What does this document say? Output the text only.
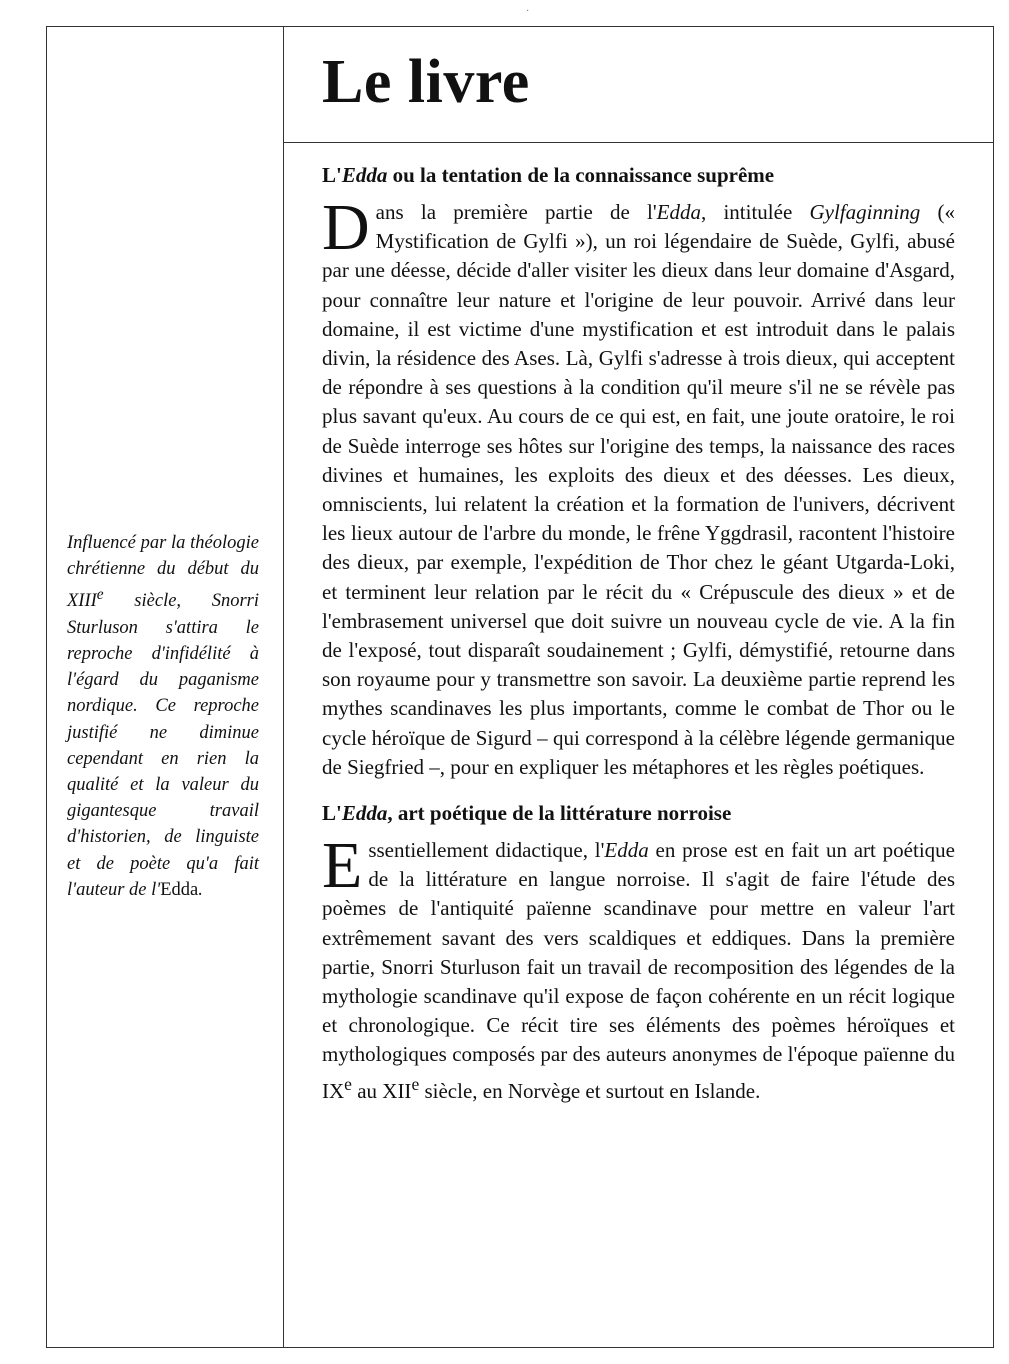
·
Le livre

Influencé par la théologie chrétienne du début du XIIIe siècle, Snorri Sturluson s'attira le reproche d'infidélité à l'égard du paganisme nordique. Ce reproche justifié ne diminue cependant en rien la qualité et la valeur du gigantesque travail d'historien, de linguiste et de poète qu'a fait l'auteur de l'Edda.

L'Edda ou la tentation de la connaissance suprême

Dans la première partie de l'Edda, intitulée Gylfaginning (« Mystification de Gylfi »), un roi légendaire de Suède, Gylfi, abusé par une déesse, décide d'aller visiter les dieux dans leur domaine d'Asgard, pour connaître leur nature et l'origine de leur pouvoir. Arrivé dans leur domaine, il est victime d'une mystification et est introduit dans le palais divin, la résidence des Ases. Là, Gylfi s'adresse à trois dieux, qui acceptent de répondre à ses questions à la condition qu'il meure s'il ne se révèle pas plus savant qu'eux. Au cours de ce qui est, en fait, une joute oratoire, le roi de Suède interroge ses hôtes sur l'origine des temps, la naissance des races divines et humaines, les exploits des dieux et des déesses. Les dieux, omniscients, lui relatent la création et la formation de l'univers, décrivent les lieux autour de l'arbre du monde, le frêne Yggdrasil, racontent l'histoire des dieux, par exemple, l'expédition de Thor chez le géant Utgarda-Loki, et terminent leur relation par le récit du « Crépuscule des dieux » et de l'embrasement universel que doit suivre un nouveau cycle de vie. A la fin de l'exposé, tout disparaît soudainement ; Gylfi, démystifié, retourne dans son royaume pour y transmettre son savoir. La deuxième partie reprend les mythes scandinaves les plus importants, comme le combat de Thor ou le cycle héroïque de Sigurd – qui correspond à la célèbre légende germanique de Siegfried –, pour en expliquer les métaphores et les règles poétiques.

L'Edda, art poétique de la littérature norroise

Essentiellement didactique, l'Edda en prose est en fait un art poétique de la littérature en langue norroise. Il s'agit de faire l'étude des poèmes de l'antiquité païenne scandinave pour mettre en valeur l'art extrêmement savant des vers scaldiques et eddiques. Dans la première partie, Snorri Sturluson fait un travail de recomposition des légendes de la mythologie scandinave qu'il expose de façon cohérente en un récit logique et chronologique. Ce récit tire ses éléments des poèmes héroïques et mythologiques composés par des auteurs anonymes de l'époque païenne du IXe au XIIe siècle, en Norvège et surtout en Islande.
